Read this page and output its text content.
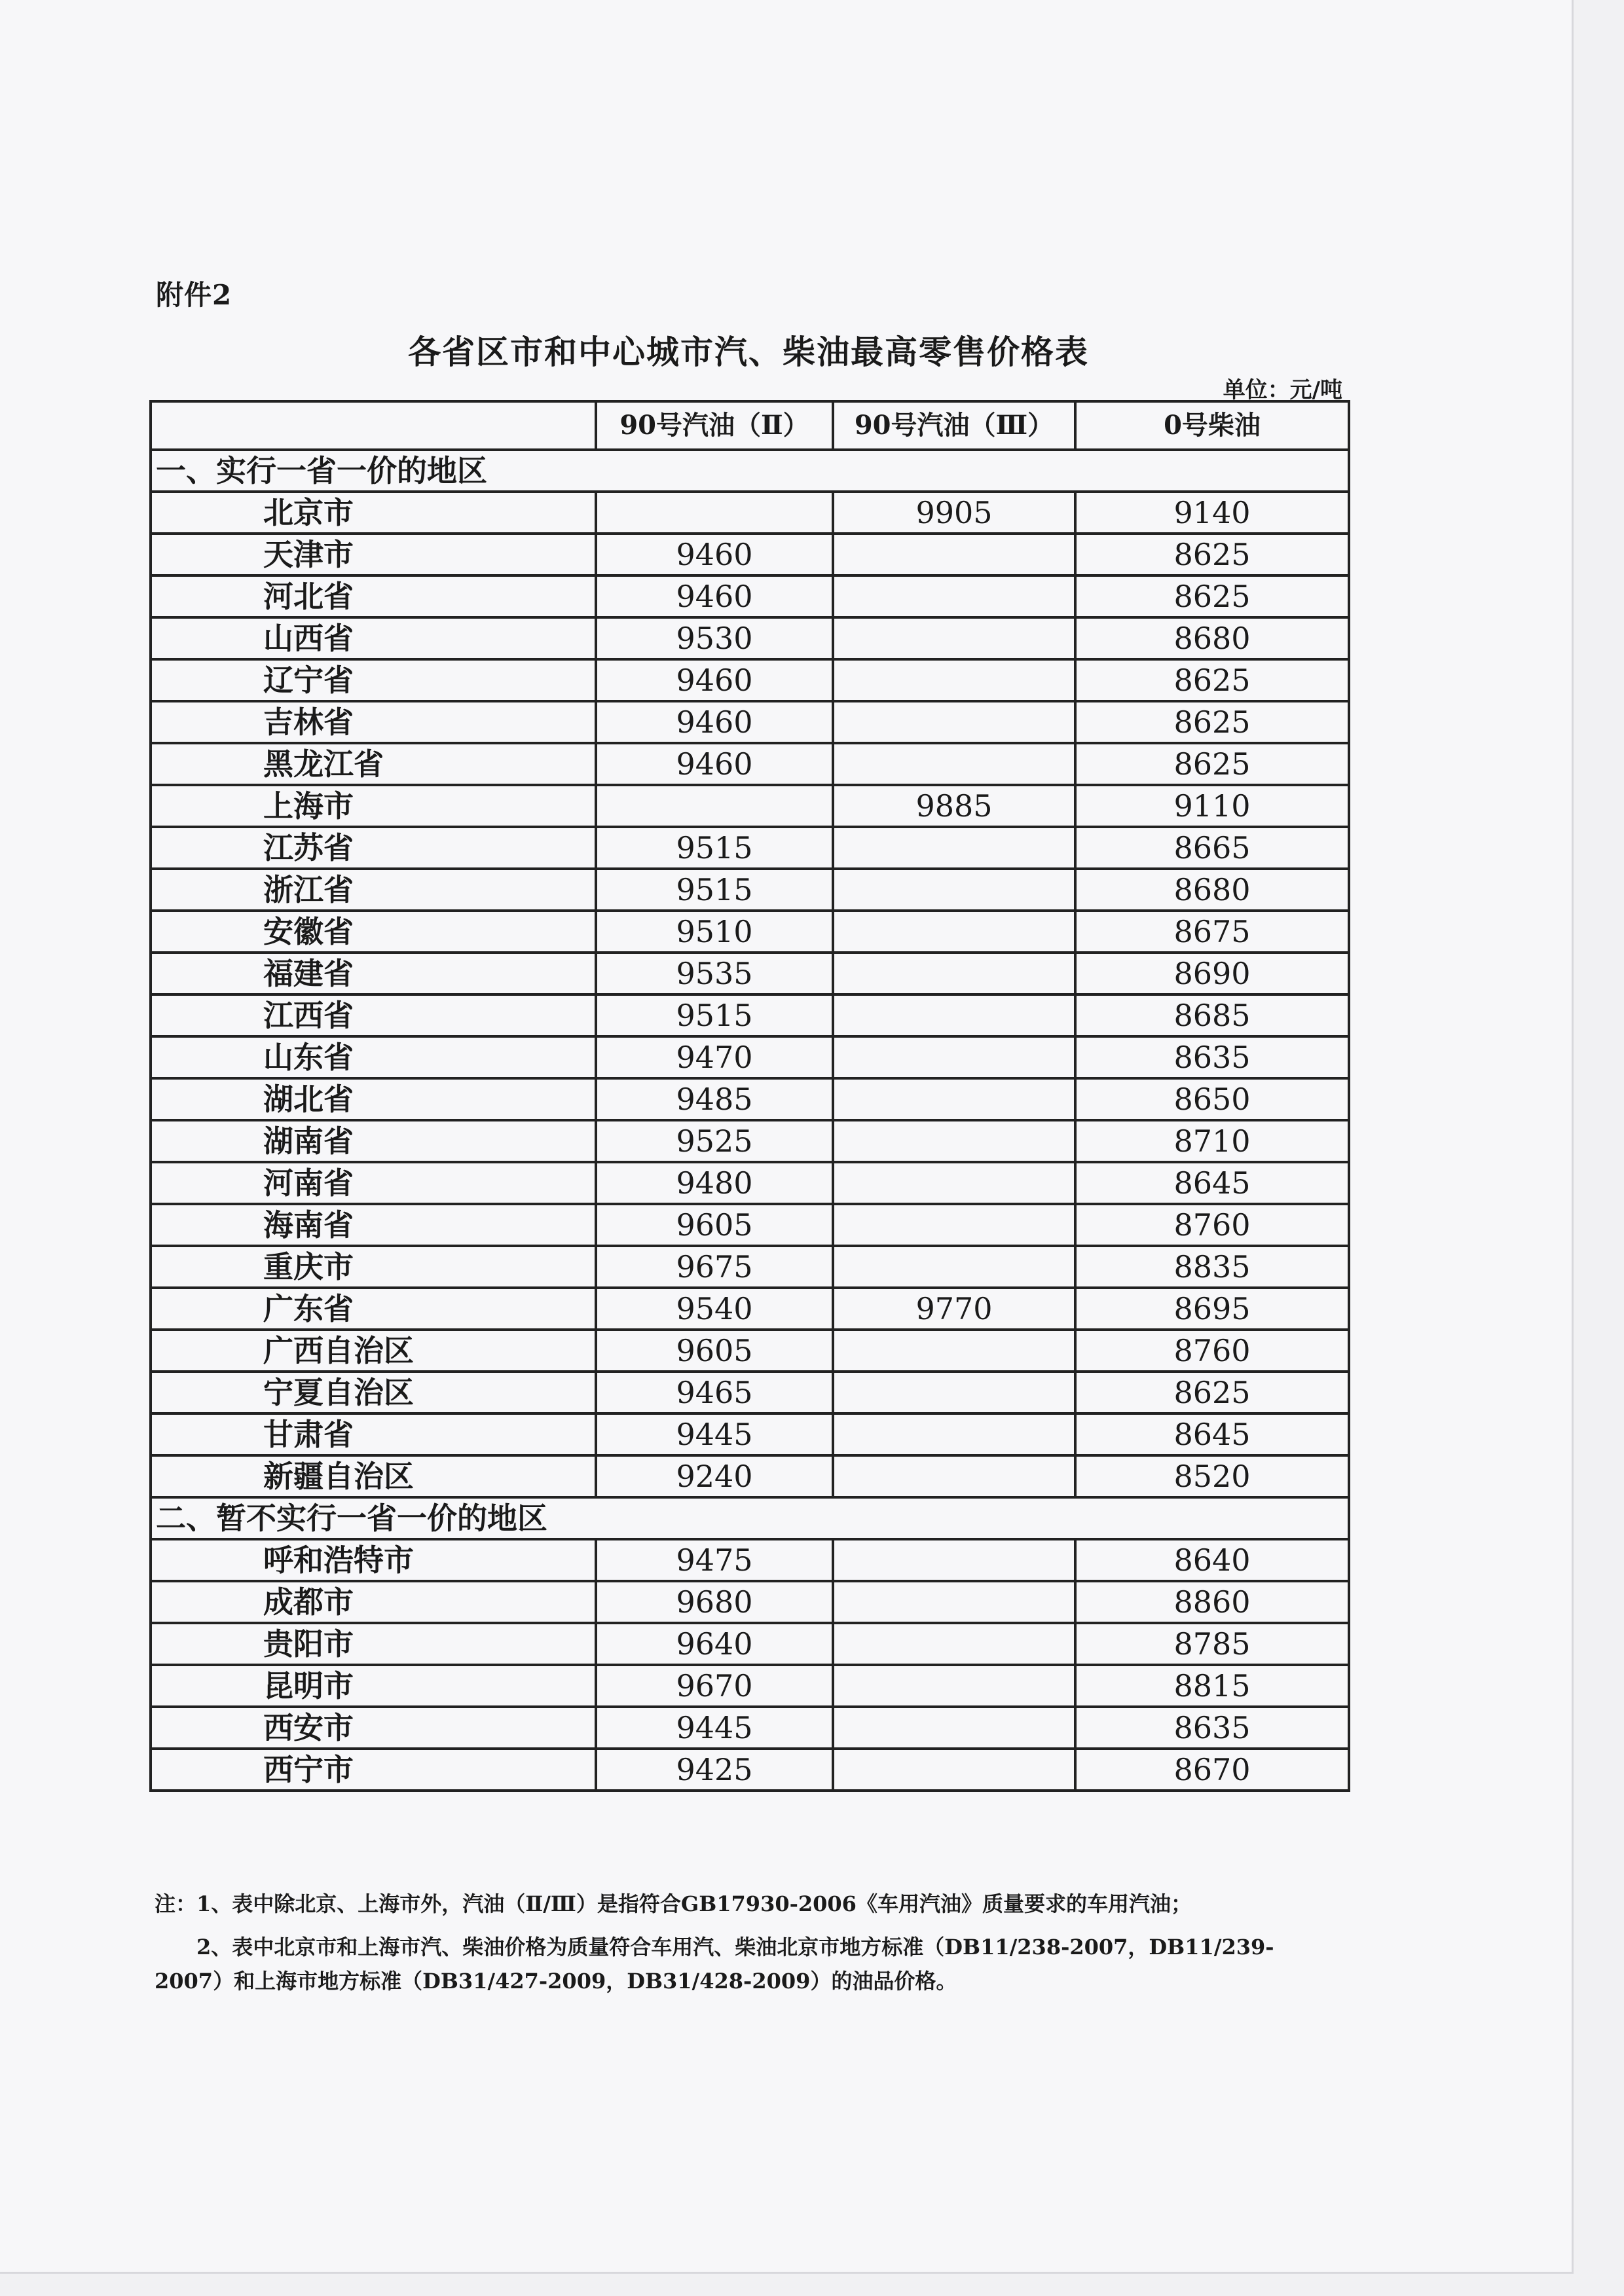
附件2
各省区市和中心城市汽、柴油最高零售价格表
单位：元/吨
	90号汽油（Ⅱ）	90号汽油（Ⅲ）	0号柴油
一、实行一省一价的地区			
北京市		9905	9140
天津市	9460		8625
河北省	9460		8625
山西省	9530		8680
辽宁省	9460		8625
吉林省	9460		8625
黑龙江省	9460		8625
上海市		9885	9110
江苏省	9515		8665
浙江省	9515		8680
安徽省	9510		8675
福建省	9535		8690
江西省	9515		8685
山东省	9470		8635
湖北省	9485		8650
湖南省	9525		8710
河南省	9480		8645
海南省	9605		8760
重庆市	9675		8835
广东省	9540	9770	8695
广西自治区	9605		8760
宁夏自治区	9465		8625
甘肃省	9445		8645
新疆自治区	9240		8520
二、暂不实行一省一价的地区			
呼和浩特市	9475		8640
成都市	9680		8860
贵阳市	9640		8785
昆明市	9670		8815
西安市	9445		8635
西宁市	9425		8670

注：1、表中除北京、上海市外，汽油（Ⅱ/Ⅲ）是指符合GB17930-2006《车用汽油》质量要求的车用汽油；

2、表中北京市和上海市汽、柴油价格为质量符合车用汽、柴油北京市地方标准（DB11/238-2007，DB11/239-2007）和上海市地方标准（DB31/427-2009，DB31/428-2009）的油品价格。
